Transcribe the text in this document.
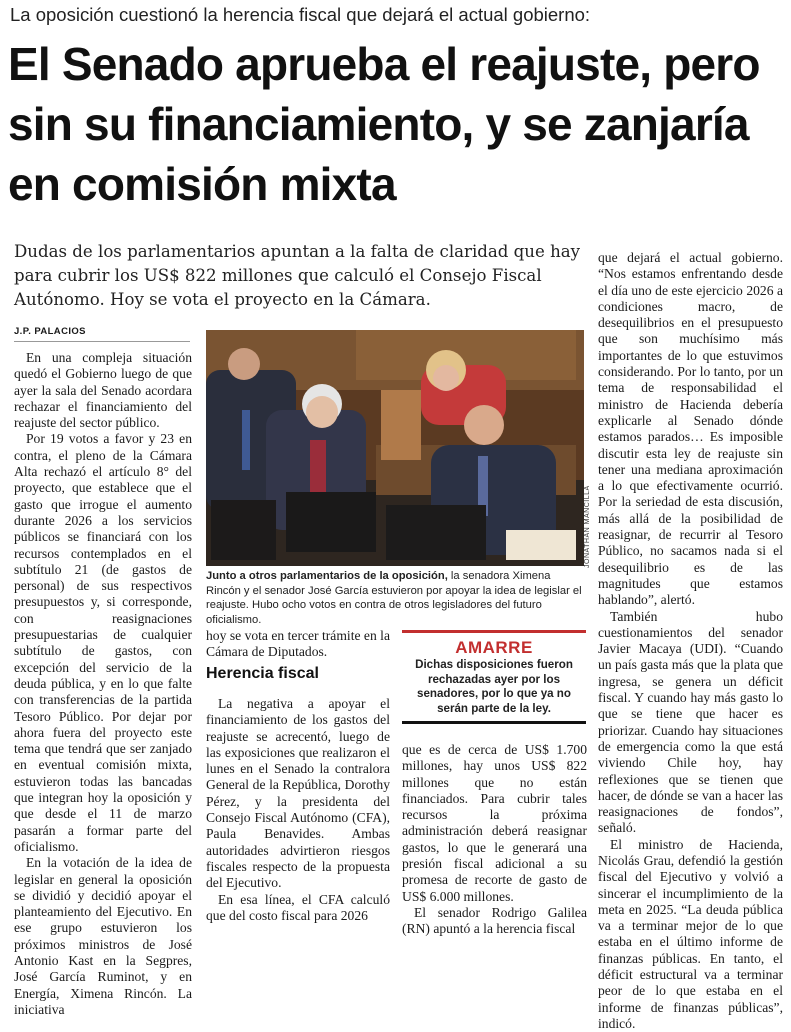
La oposición cuestionó la herencia fiscal que dejará el actual gobierno:
El Senado aprueba el reajuste, pero sin su financiamiento, y se zanjaría en comisión mixta
Dudas de los parlamentarios apuntan a la falta de claridad que hay para cubrir los US$ 822 millones que calculó el Consejo Fiscal Autónomo. Hoy se vota el proyecto en la Cámara.
J.P. PALACIOS

En una compleja situación quedó el Gobierno luego de que ayer la sala del Senado acordara rechazar el financiamiento del reajuste del sector público.

Por 19 votos a favor y 23 en contra, el pleno de la Cámara Alta rechazó el artículo 8° del proyecto, que establece que el gasto que irrogue el aumento durante 2026 a los servicios públicos se financiará con los recursos contemplados en el subtítulo 21 (de gastos de personal) de sus respectivos presupuestos y, si corresponde, con reasignaciones presupuestarias de cualquier subtítulo de gastos, con excepción del servicio de la deuda pública, y en lo que falte con transferencias de la partida Tesoro Público. Por dejar por ahora fuera del proyecto este tema que tendrá que ser zanjado en eventual comisión mixta, estuvieron todas las bancadas que integran hoy la oposición y que desde el 11 de marzo pasarán a formar parte del oficialismo.

En la votación de la idea de legislar en general la oposición se dividió y decidió apoyar el planteamiento del Ejecutivo. En ese grupo estuvieron los próximos ministros de José Antonio Kast en la Segpres, José García Ruminot, y en Energía, Ximena Rincón. La iniciativa

JONATHAN MANCILLA
Junto a otros parlamentarios de la oposición, la senadora Ximena Rincón y el senador José García estuvieron por apoyar la idea de legislar el reajuste. Hubo ocho votos en contra de otros legisladores del futuro oficialismo.

hoy se vota en tercer trámite en la Cámara de Diputados.

Herencia fiscal

La negativa a apoyar el financiamiento de los gastos del reajuste se acrecentó, luego de las exposiciones que realizaron el lunes en el Senado la contralora General de la República, Dorothy Pérez, y la presidenta del Consejo Fiscal Autónomo (CFA), Paula Benavides. Ambas autoridades advirtieron riesgos fiscales respecto de la propuesta del Ejecutivo.

En esa línea, el CFA calculó que del costo fiscal para 2026

AMARRE
Dichas disposiciones fueron rechazadas ayer por los senadores, por lo que ya no serán parte de la ley.

que es de cerca de US$ 1.700 millones, hay unos US$ 822 millones que no están financiados. Para cubrir tales recursos la próxima administración deberá reasignar gastos, lo que le generará una presión fiscal adicional a su promesa de recorte de gasto de US$ 6.000 millones.

El senador Rodrigo Galilea (RN) apuntó a la herencia fiscal

que dejará el actual gobierno. “Nos estamos enfrentando desde el día uno de este ejercicio 2026 a condiciones macro, de desequilibrios en el presupuesto que son muchísimo más importantes de lo que estuvimos considerando. Por lo tanto, por un tema de responsabilidad el ministro de Hacienda debería explicarle al Senado dónde estamos parados… Es imposible discutir esta ley de reajuste sin tener una mediana aproximación a lo que efectivamente ocurrió. Por la seriedad de esta discusión, más allá de la posibilidad de reasignar, de recurrir al Tesoro Público, no sacamos nada si el desequilibrio es de las magnitudes que estamos hablando”, alertó.

También hubo cuestionamientos del senador Javier Macaya (UDI). “Cuando un país gasta más que la plata que ingresa, se genera un déficit fiscal. Y cuando hay más gasto lo que se tiene que hacer es priorizar. Cuando hay situaciones de emergencia como la que está viviendo Chile hoy, hay reflexiones que se tienen que hacer, de dónde se van a hacer las reasignaciones de fondos”, señaló.

El ministro de Hacienda, Nicolás Grau, defendió la gestión fiscal del Ejecutivo y volvió a sincerar el incumplimiento de la meta en 2025. “La deuda pública va a terminar mejor de lo que estaba en el último informe de finanzas públicas. En tanto, el déficit estructural va a terminar peor de lo que estaba en el informe de finanzas públicas”, indicó.
